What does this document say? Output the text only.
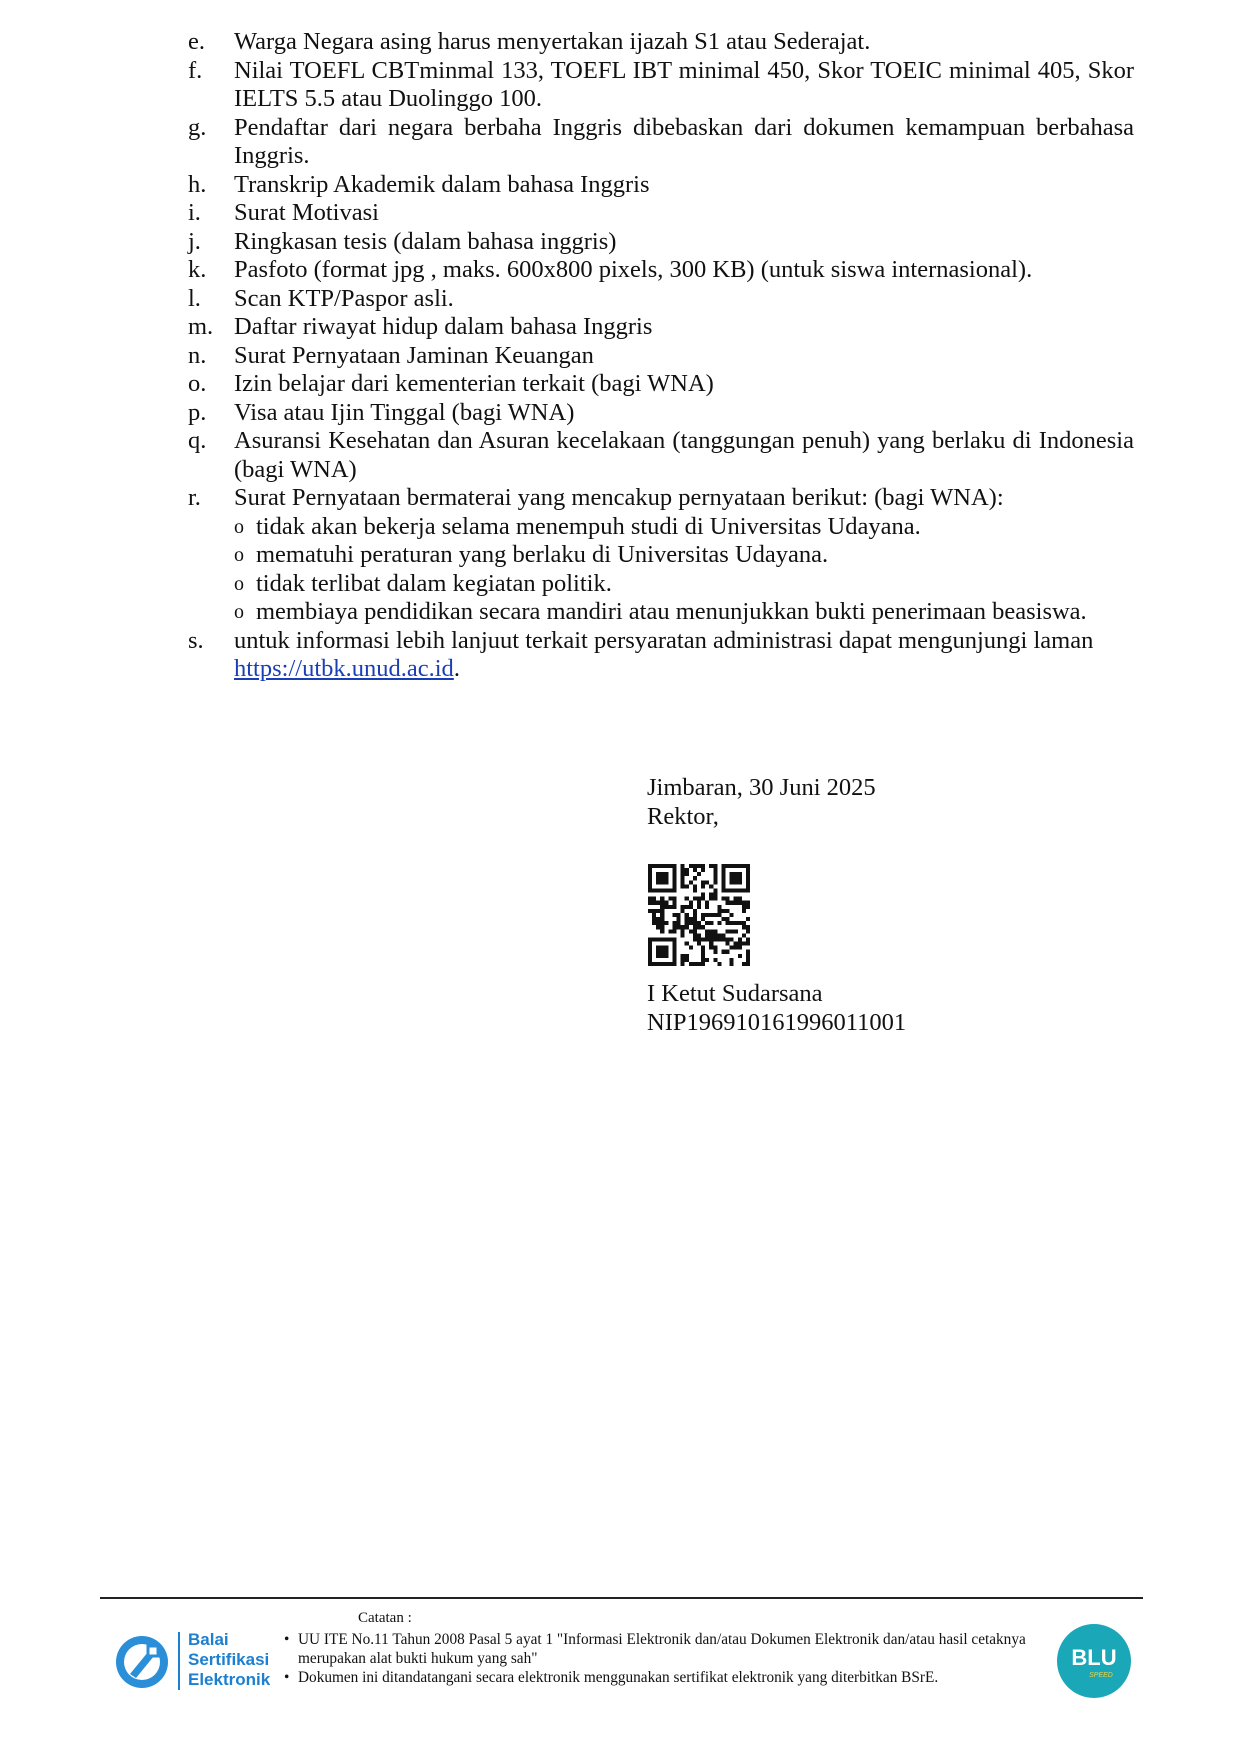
e.	Warga Negara asing harus menyertakan ijazah S1 atau Sederajat.
f.	Nilai TOEFL CBTminmal 133, TOEFL IBT minimal 450, Skor TOEIC minimal 405, Skor IELTS 5.5 atau Duolinggo 100.
g.	Pendaftar dari negara berbaha Inggris dibebaskan dari dokumen kemampuan berbahasa Inggris.
h.	Transkrip Akademik dalam bahasa Inggris
i.	Surat Motivasi
j.	Ringkasan tesis (dalam bahasa inggris)
k.	Pasfoto (format jpg , maks. 600x800 pixels, 300 KB) (untuk siswa internasional).
l.	Scan KTP/Paspor asli.
m. Daftar riwayat hidup dalam bahasa Inggris
n.	Surat Pernyataan Jaminan Keuangan
o.	Izin belajar dari kementerian terkait (bagi WNA)
p.	Visa atau Ijin Tinggal (bagi WNA)
q.	Asuransi Kesehatan dan Asuran kecelakaan (tanggungan penuh) yang berlaku di Indonesia (bagi WNA)
r.	Surat Pernyataan bermaterai yang mencakup pernyataan berikut: (bagi WNA):
o tidak akan bekerja selama menempuh studi di Universitas Udayana.
o mematuhi peraturan yang berlaku di Universitas Udayana.
o tidak terlibat dalam kegiatan politik.
o membiaya pendidikan secara mandiri atau menunjukkan bukti penerimaan beasiswa.
s.	untuk informasi lebih lanjuut terkait persyaratan administrasi dapat mengunjungi laman
https://utbk.unud.ac.id.
Jimbaran, 30 Juni 2025
Rektor,
I Ketut Sudarsana
NIP196910161996011001
Balai
Sertifikasi
Elektronik
Catatan :
• UU ITE No.11 Tahun 2008 Pasal 5 ayat 1 "Informasi Elektronik dan/atau Dokumen Elektronik dan/atau hasil cetaknya merupakan alat bukti hukum yang sah"
• Dokumen ini ditandatangani secara elektronik menggunakan sertifikat elektronik yang diterbitkan BSrE.
BLU
SPEED
